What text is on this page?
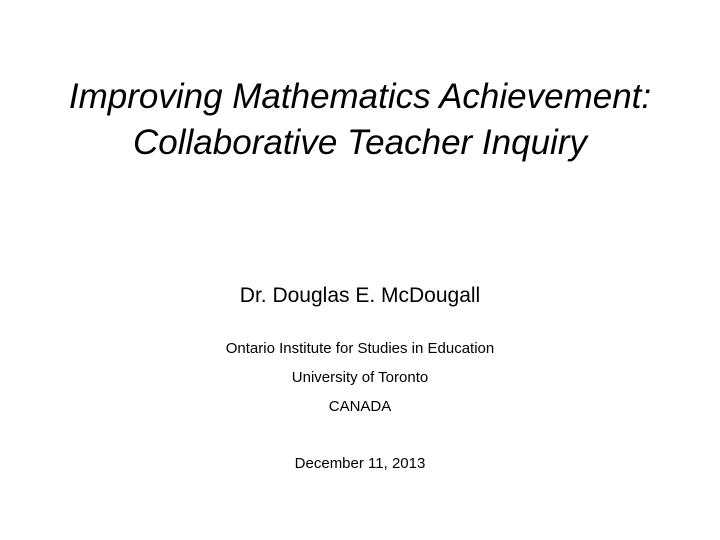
Improving Mathematics Achievement:
Collaborative Teacher Inquiry
Dr. Douglas E. McDougall
Ontario Institute for Studies in Education
University of Toronto
CANADA
December 11, 2013
